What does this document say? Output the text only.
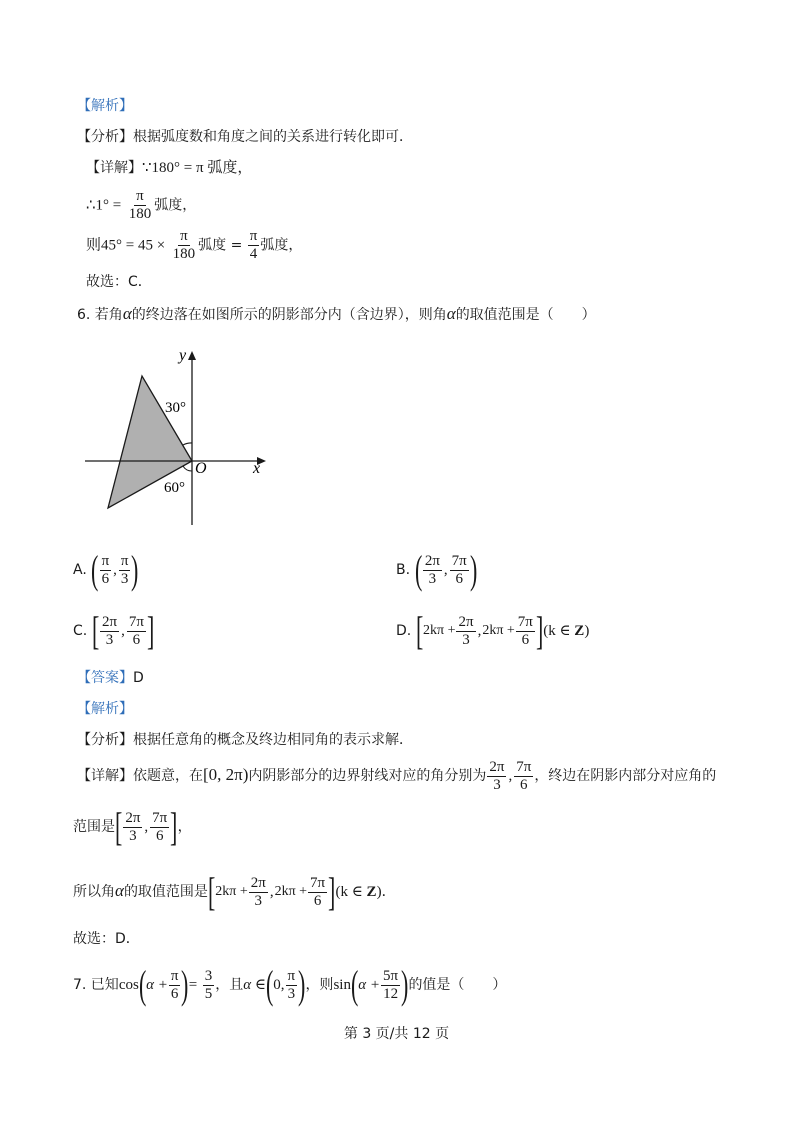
【解析】
【分析】根据弧度数和角度之间的关系进行转化即可．
【详解】∵180° = π 弧度，
∴1° = $\frac{\pi}{180}$ 弧度，
则$45^\circ = 45 \times \frac{\pi}{180}$ 弧度 = $\frac{\pi}{4}$ 弧度，
故选：C．
6. 若角α的终边落在如图所示的阴影部分内（含边界），则角α的取值范围是（　　）
y
x
O
30°
60°
A. ( $\frac{\pi}{6}$ , $\frac{\pi}{3}$ )	B. ( $\frac{2\pi}{3}$ , $\frac{7\pi}{6}$ )
C. [ $\frac{2\pi}{3}$ , $\frac{7\pi}{6}$ ]	D. [ $2k\pi + \frac{2\pi}{3}$ , $2k\pi + \frac{7\pi}{6}$ ] (k ∈ Z)
【答案】D
【解析】
【分析】根据任意角的概念及终边相同角的表示求解．
【详解】依题意，在[0, 2π)内阴影部分的边界射线对应的角分别为 $\frac{2\pi}{3}$ , $\frac{7\pi}{6}$ ，终边在阴影内部分对应角的
范围是 [ $\frac{2\pi}{3}$ , $\frac{7\pi}{6}$ ] ，
所以角α的取值范围是 [ $2k\pi + \frac{2\pi}{3}$ , $2k\pi + \frac{7\pi}{6}$ ] (k ∈ Z) ．
故选：D．
7. 已知cos ( $\alpha + \frac{\pi}{6}$ ) = $\frac{3}{5}$ ，且α ∈ ( 0, $\frac{\pi}{3}$ ) ，则sin ( $\alpha + \frac{5\pi}{12}$ ) 的值是（　　）
第 3 页/共 12 页
